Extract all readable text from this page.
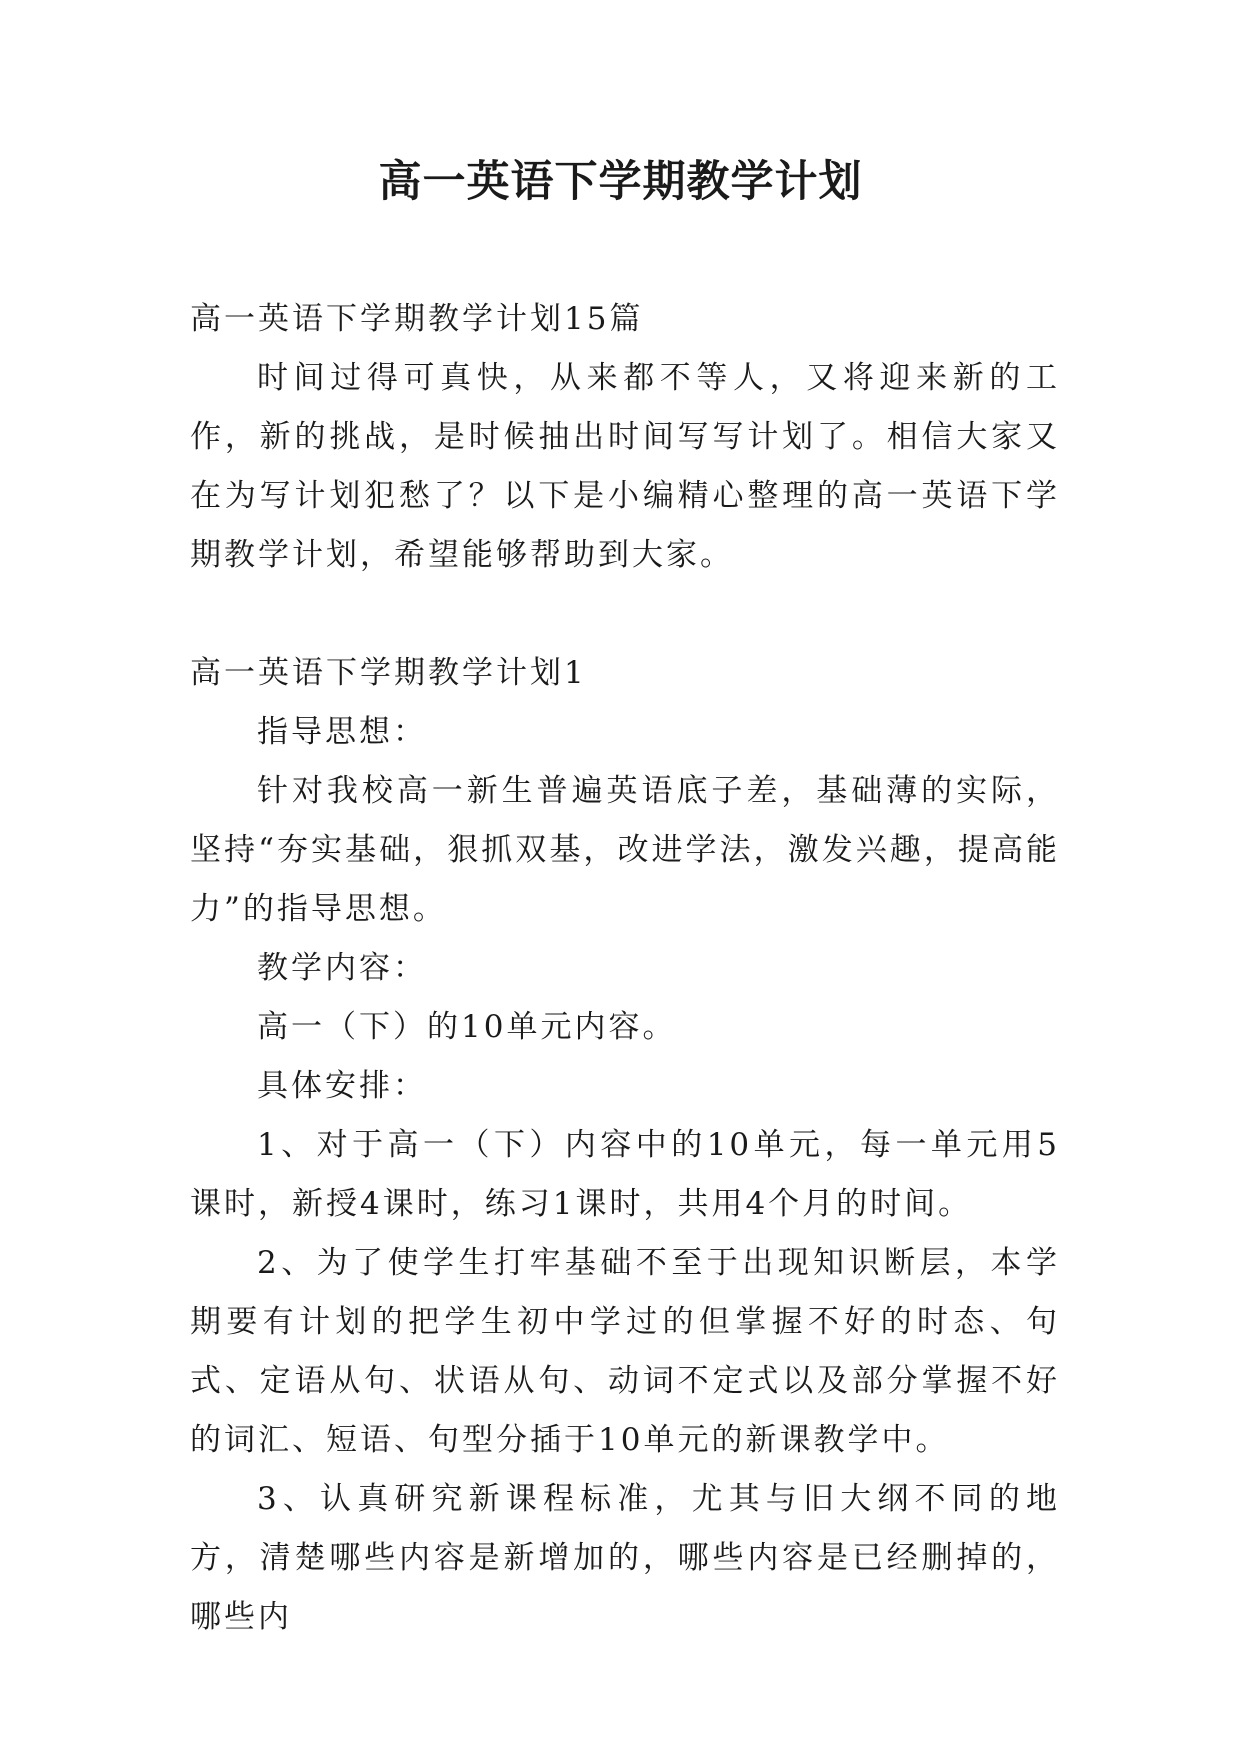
高一英语下学期教学计划

高一英语下学期教学计划15篇

时间过得可真快，从来都不等人，又将迎来新的工作，新的挑战，是时候抽出时间写写计划了。相信大家又在为写计划犯愁了？以下是小编精心整理的高一英语下学期教学计划，希望能够帮助到大家。

高一英语下学期教学计划1

指导思想：

针对我校高一新生普遍英语底子差，基础薄的实际，坚持“夯实基础，狠抓双基，改进学法，激发兴趣，提高能力”的指导思想。

教学内容：

高一（下）的10单元内容。

具体安排：

1、对于高一（下）内容中的10单元，每一单元用5课时，新授4课时，练习1课时，共用4个月的时间。

2、为了使学生打牢基础不至于出现知识断层，本学期要有计划的把学生初中学过的但掌握不好的时态、句式、定语从句、状语从句、动词不定式以及部分掌握不好的词汇、短语、句型分插于10单元的新课教学中。

3、认真研究新课程标准，尤其与旧大纲不同的地方，清楚哪些内容是新增加的，哪些内容是已经删掉的，哪些内
